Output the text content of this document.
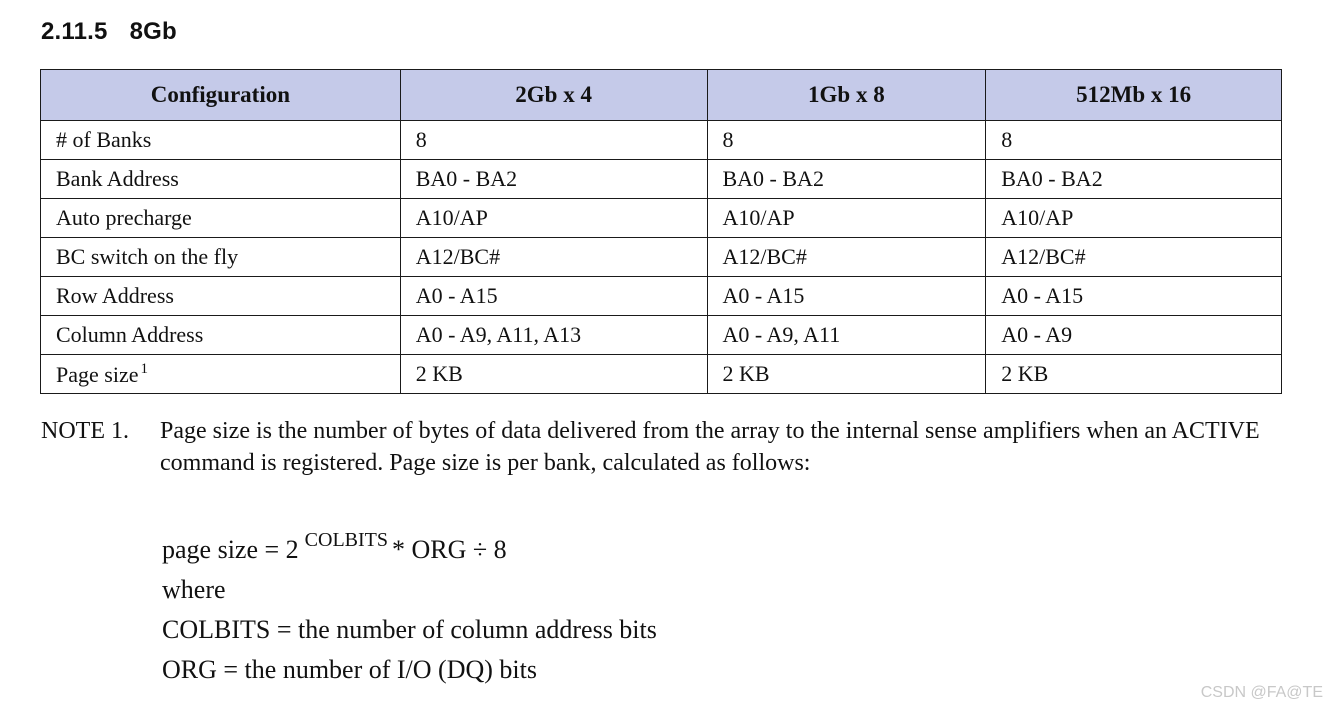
2.11.5 8Gb
Configuration	2Gb x 4	1Gb x 8	512Mb x 16
# of Banks	8	8	8
Bank Address	BA0 - BA2	BA0 - BA2	BA0 - BA2
Auto precharge	A10/AP	A10/AP	A10/AP
BC switch on the fly	A12/BC#	A12/BC#	A12/BC#
Row Address	A0 - A15	A0 - A15	A0 - A15
Column Address	A0 - A9, A11, A13	A0 - A9, A11	A0 - A9
Page size $^1$	2 KB	2 KB	2 KB
NOTE 1. Page size is the number of bytes of data delivered from the array to the internal sense amplifiers when an ACTIVE command is registered. Page size is per bank, calculated as follows:
page size = 2 $^{COLBITS}$ * ORG ÷ 8
where
COLBITS = the number of column address bits
ORG = the number of I/O (DQ) bits
CSDN @FA@TE
